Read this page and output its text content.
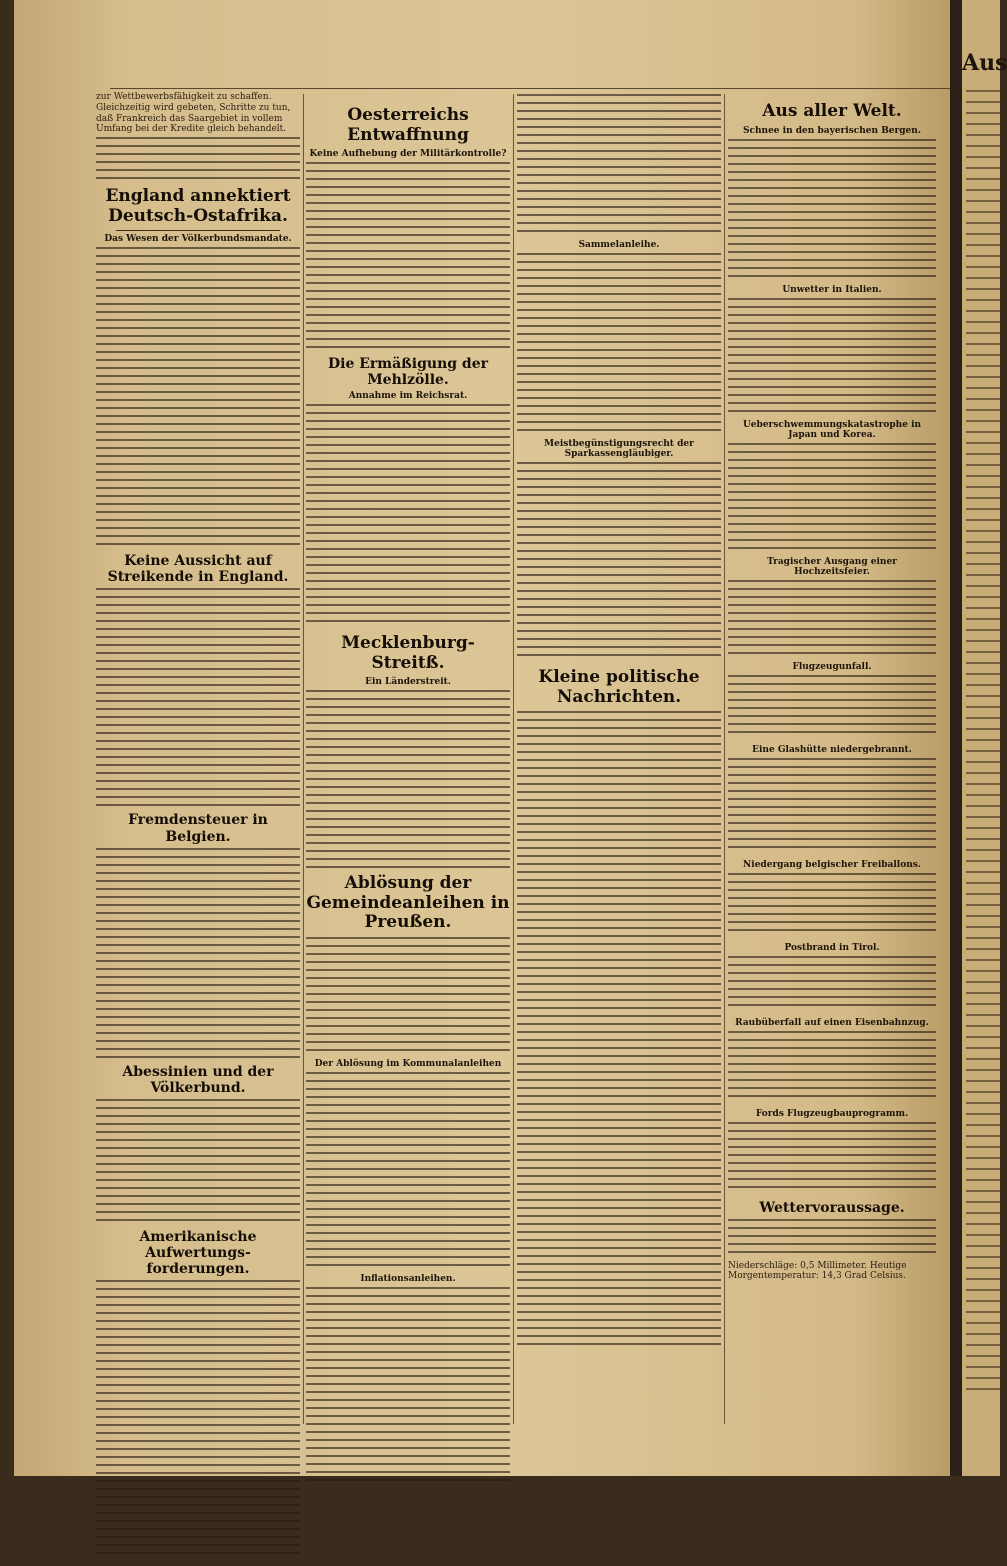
Aus
zur Wettbewerbsfähigkeit zu schaffen. Gleichzeitig wird gebeten, Schritte zu tun, daß Frankreich das Saargebiet in vollem Umfang bei der Kredite gleich behandelt.
England annektiert Deutsch-Ostafrika.
Das Wesen der Völkerbundsmandate.
Keine Aussicht auf Streikende in England.
Fremdensteuer in Belgien.
Abessinien und der Völkerbund.
Amerikanische Aufwertungs-forderungen.
Oesterreichs Entwaffnung
Keine Aufhebung der Militärkontrolle?
Die Ermäßigung der Mehlzölle.
Annahme im Reichsrat.
Mecklenburg-Streitß.
Ein Länderstreit.
Ablösung der Gemeindeanleihen in Preußen.
Der Ablösung im Kommunalanleihen
Inflationsanleihen.
Sammelanleihe.
Meistbegünstigungsrecht der Sparkassengläubiger.
Kleine politische Nachrichten.
Aus aller Welt.
Schnee in den bayerischen Bergen.
Unwetter in Italien.
Ueberschwemmungskatastrophe in Japan und Korea.
Tragischer Ausgang einer Hochzeitsfeier.
Flugzeugunfall.
Eine Glashütte niedergebrannt.
Niedergang belgischer Freiballons.
Postbrand in Tirol.
Raubüberfall auf einen Eisenbahnzug.
Fords Flugzeugbauprogramm.
Wettervoraussage.
Niederschläge: 0,5 Millimeter. Heutige Morgentemperatur: 14,3 Grad Celsius.
